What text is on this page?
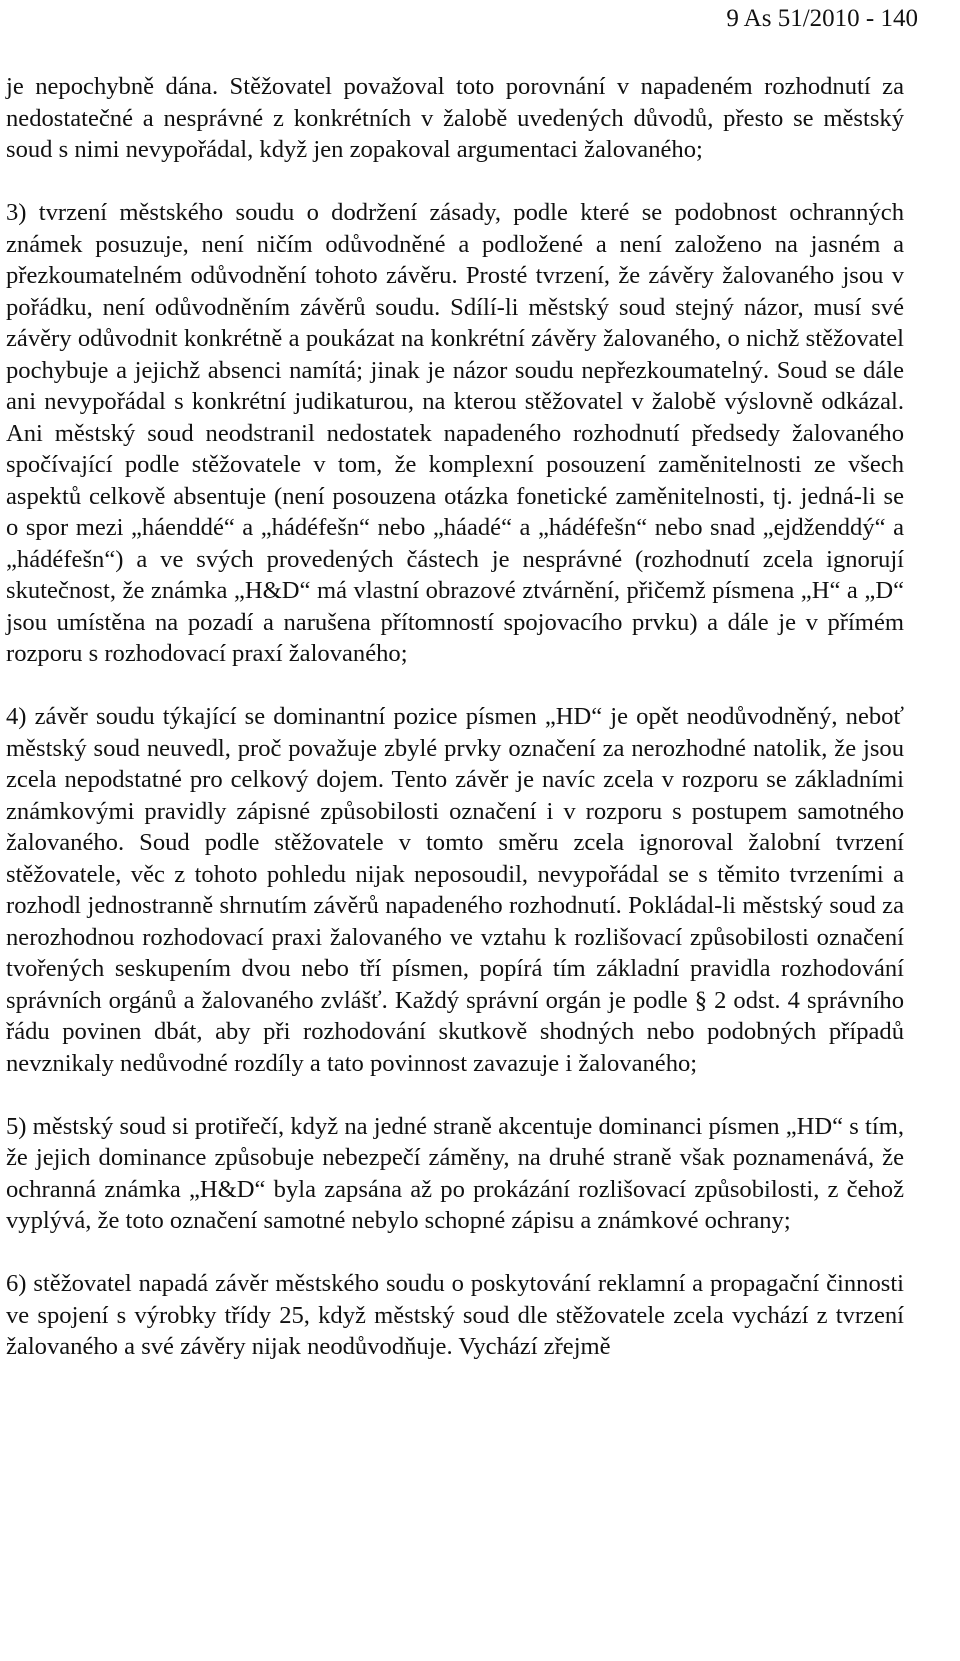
9 As 51/2010 - 140

je nepochybně dána. Stěžovatel považoval toto porovnání v napadeném rozhodnutí za nedostatečné a nesprávné z konkrétních v žalobě uvedených důvodů, přesto se městský soud s nimi nevypořádal, když jen zopakoval argumentaci žalovaného;

3) tvrzení městského soudu o dodržení zásady, podle které se podobnost ochranných známek posuzuje, není ničím odůvodněné a podložené a není založeno na jasném a přezkoumatelném odůvodnění tohoto závěru. Prosté tvrzení, že závěry žalovaného jsou v pořádku, není odůvodněním závěrů soudu. Sdílí-li městský soud stejný názor, musí své závěry odůvodnit konkrétně a poukázat na konkrétní závěry žalovaného, o nichž stěžovatel pochybuje a jejichž absenci namítá; jinak je názor soudu nepřezkoumatelný. Soud se dále ani nevypořádal s konkrétní judikaturou, na kterou stěžovatel v žalobě výslovně odkázal. Ani městský soud neodstranil nedostatek napadeného rozhodnutí předsedy žalovaného spočívající podle stěžovatele v tom, že komplexní posouzení zaměnitelnosti ze všech aspektů celkově absentuje (není posouzena otázka fonetické zaměnitelnosti, tj. jedná-li se o spor mezi „háenddé“ a „hádéfešn“ nebo „háadé“ a „hádéfešn“ nebo snad „ejdženddý“ a „hádéfešn“) a ve svých provedených částech je nesprávné (rozhodnutí zcela ignorují skutečnost, že známka „H&D“ má vlastní obrazové ztvárnění, přičemž písmena „H“ a „D“ jsou umístěna na pozadí a narušena přítomností spojovacího prvku) a dále je v přímém rozporu s rozhodovací praxí žalovaného;

4) závěr soudu týkající se dominantní pozice písmen „HD“ je opět neodůvodněný, neboť městský soud neuvedl, proč považuje zbylé prvky označení za nerozhodné natolik, že jsou zcela nepodstatné pro celkový dojem. Tento závěr je navíc zcela v rozporu se základními známkovými pravidly zápisné způsobilosti označení i v rozporu s postupem samotného žalovaného. Soud podle stěžovatele v tomto směru zcela ignoroval žalobní tvrzení stěžovatele, věc z tohoto pohledu nijak neposoudil, nevypořádal se s těmito tvrzeními a rozhodl jednostranně shrnutím závěrů napadeného rozhodnutí. Pokládal-li městský soud za nerozhodnou rozhodovací praxi žalovaného ve vztahu k rozlišovací způsobilosti označení tvořených seskupením dvou nebo tří písmen, popírá tím základní pravidla rozhodování správních orgánů a žalovaného zvlášť. Každý správní orgán je podle § 2 odst. 4 správního řádu povinen dbát, aby při rozhodování skutkově shodných nebo podobných případů nevznikaly nedůvodné rozdíly a tato povinnost zavazuje i žalovaného;

5) městský soud si protiřečí, když na jedné straně akcentuje dominanci písmen „HD“ s tím, že jejich dominance způsobuje nebezpečí záměny, na druhé straně však poznamenává, že ochranná známka „H&D“ byla zapsána až po prokázání rozlišovací způsobilosti, z čehož vyplývá, že toto označení samotné nebylo schopné zápisu a známkové ochrany;

6) stěžovatel napadá závěr městského soudu o poskytování reklamní a propagační činnosti ve spojení s výrobky třídy 25, když městský soud dle stěžovatele zcela vychází z tvrzení žalovaného a své závěry nijak neodůvodňuje. Vychází zřejmě
